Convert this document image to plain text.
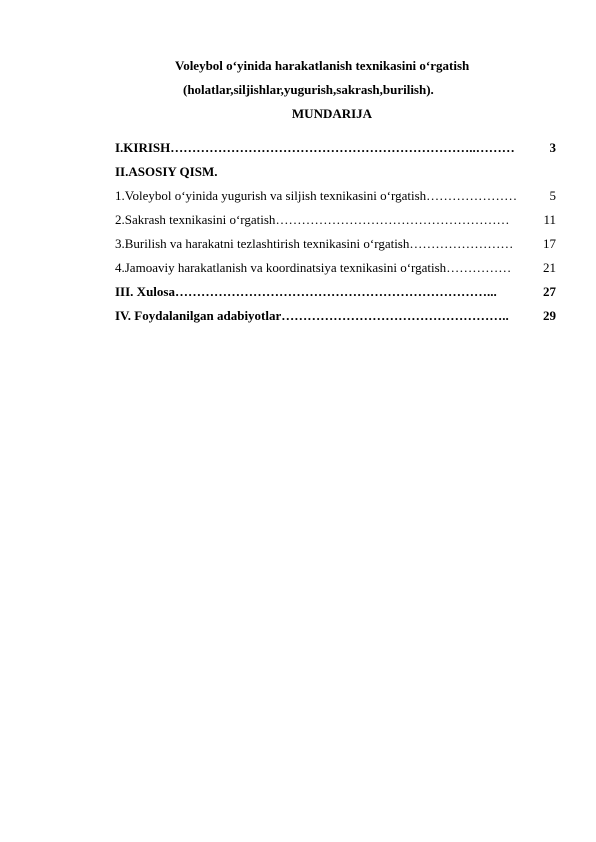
Voleybol o‘yinida harakatlanish texnikasini o‘rgatish
(holatlar,siljishlar,yugurish,sakrash,burilish).
MUNDARIJA
I.KIRISH ……………………………………………………………..………	3
II.ASOSIY QISM.
1.Voleybol o‘yinida yugurish va siljish texnikasini o‘rgatish …………………	5
2.Sakrash texnikasini o‘rgatish ………………………………………………	11
3.Burilish va harakatni tezlashtirish texnikasini o‘rgatish ……………………	17
4.Jamoaviy harakatlanish va koordinatsiya texnikasini o‘rgatish ……………	21
III. Xulosa ………………………………………………………………...	27
IV. Foydalanilgan adabiyotlar ……………………………………………..	29
